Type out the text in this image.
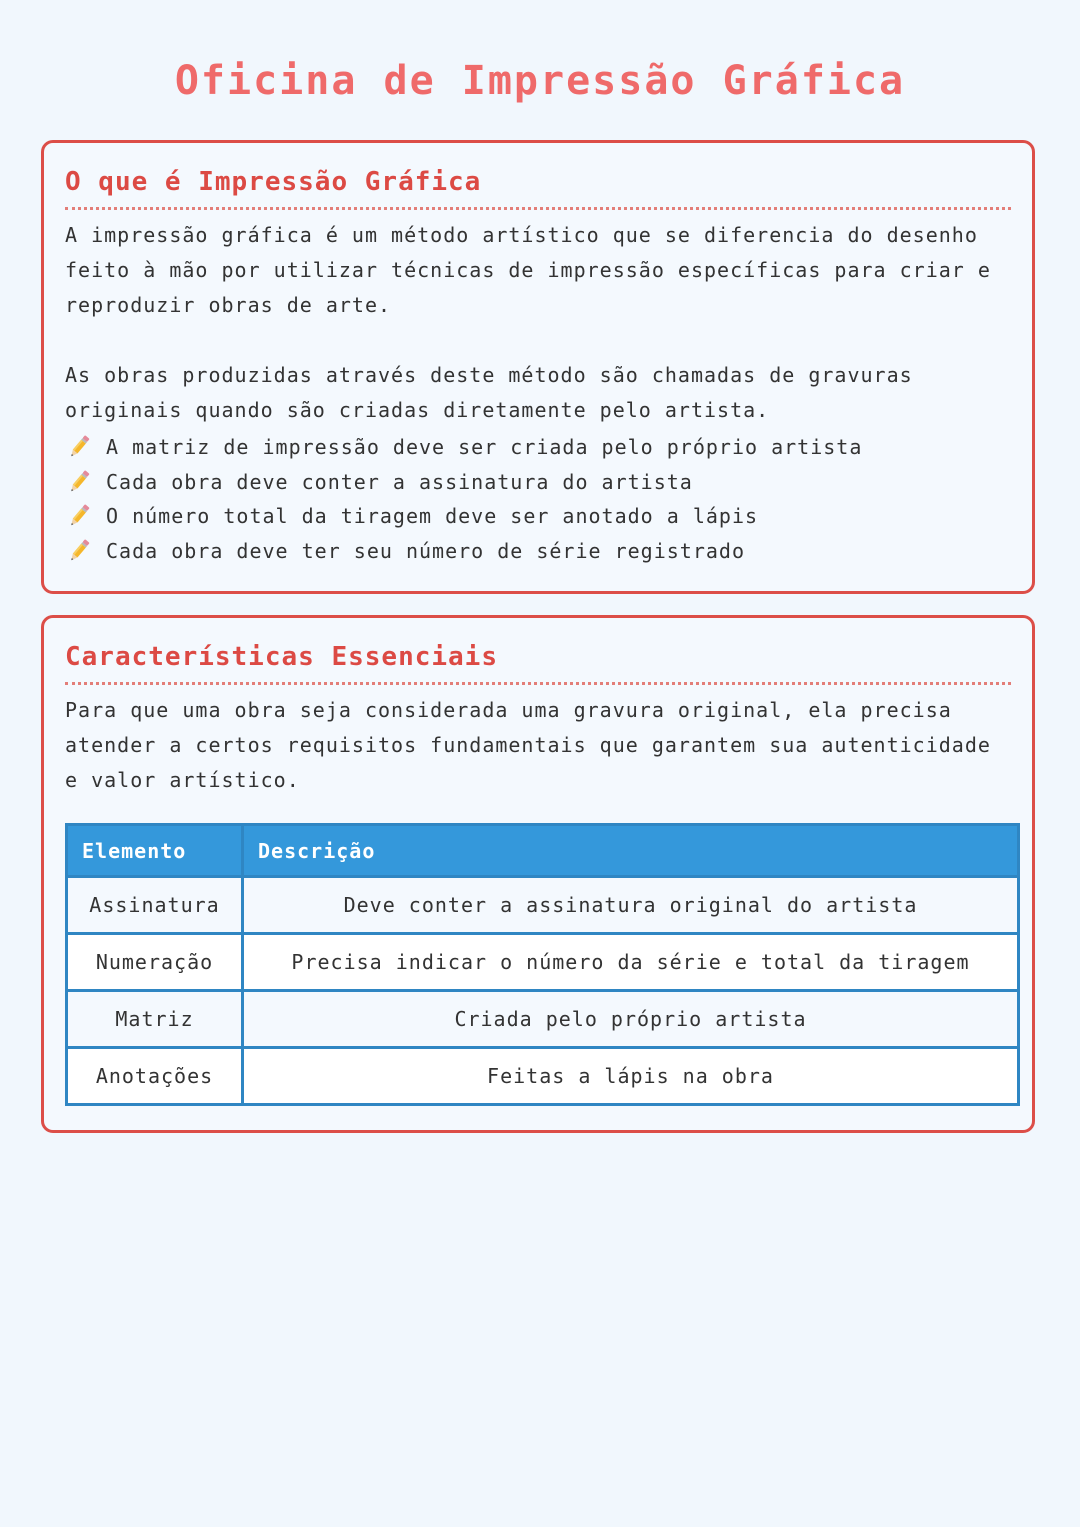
Oficina de Impressão Gráfica
O que é Impressão Gráfica

A impressão gráfica é um método artístico que se diferencia do desenho feito à mão por utilizar técnicas de impressão específicas para criar e reproduzir obras de arte.

As obras produzidas através deste método são chamadas de gravuras originais quando são criadas diretamente pelo artista.

A matriz de impressão deve ser criada pelo próprio artista
Cada obra deve conter a assinatura do artista
O número total da tiragem deve ser anotado a lápis
Cada obra deve ter seu número de série registrado
Características Essenciais

Para que uma obra seja considerada uma gravura original, ela precisa atender a certos requisitos fundamentais que garantem sua autenticidade e valor artístico.

Elemento	Descrição
Assinatura	Deve conter a assinatura original do artista
Numeração	Precisa indicar o número da série e total da tiragem
Matriz	Criada pelo próprio artista
Anotações	Feitas a lápis na obra
